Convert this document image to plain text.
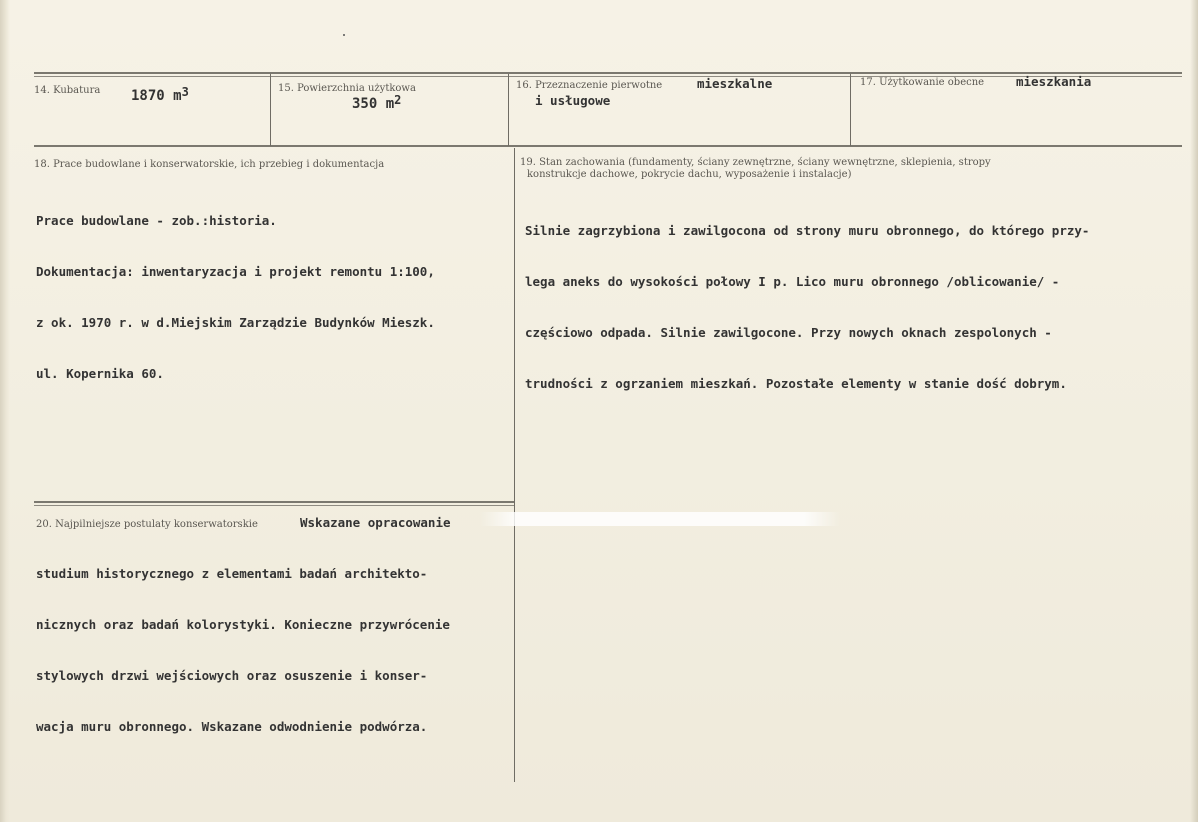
14. Kubatura 1870 $m^3$	15. Powierzchnia użytkowa
350 $m^2$
16. Przeznaczenie pierwotne	mieszkalne
i usługowe
17. Użytkowanie obecne	mieszkania
18. Prace budowlane i konserwatorskie, ich przebieg i dokumentacja

Prace budowlane - zob.:historia.

Dokumentacja: inwentaryzacja i projekt remontu 1:100,

z ok. 1970 r. w d.Miejskim Zarządzie Budynków Mieszk.

ul. Kopernika 60.

19. Stan zachowania (fundamenty, ściany zewnętrzne, ściany wewnętrzne, sklepienia, stropy
konstrukcje dachowe, pokrycie dachu, wyposażenie i instalacje)

Silnie zagrzybiona i zawilgocona od strony muru obronnego, do którego przy-

lega aneks do wysokości połowy I p. Lico muru obronnego /oblicowanie/ -

częściowo odpada. Silnie zawilgocone. Przy nowych oknach zespolonych -

trudności z ogrzaniem mieszkań. Pozostałe elementy w stanie dość dobrym.

20. Najpilniejsze postulaty konserwatorskie	Wskazane opracowanie

studium historycznego z elementami badań architekto-

nicznych oraz badań kolorystyki. Konieczne przywrócenie

stylowych drzwi wejściowych oraz osuszenie i konser-

wacja muru obronnego. Wskazane odwodnienie podwórza.
